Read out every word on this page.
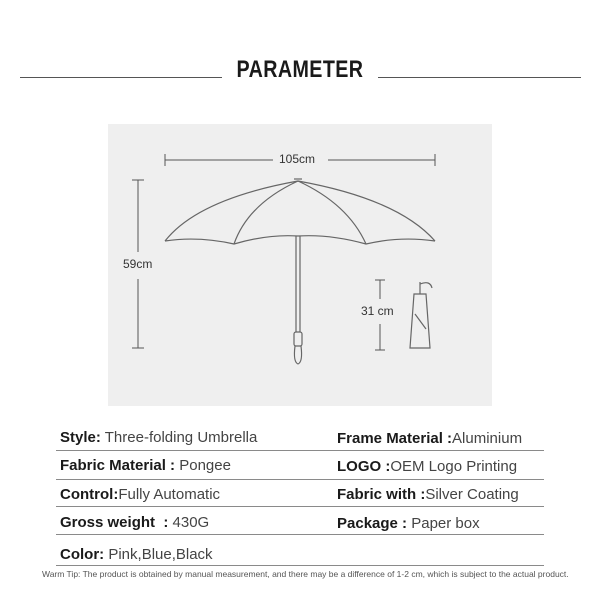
PARAMETER
105cm
59cm
31 cm
Style: Three-folding Umbrella	Frame Material :Aluminium
Fabric Material : Pongee	LOGO :OEM Logo Printing
Control:Fully Automatic	Fabric with :Silver Coating
Gross weight  : 430G	Package : Paper box
Color: Pink,Blue,Black
Warm Tip: The product is obtained by manual measurement, and there may be a difference of 1-2 cm, which is subject to the actual product.
